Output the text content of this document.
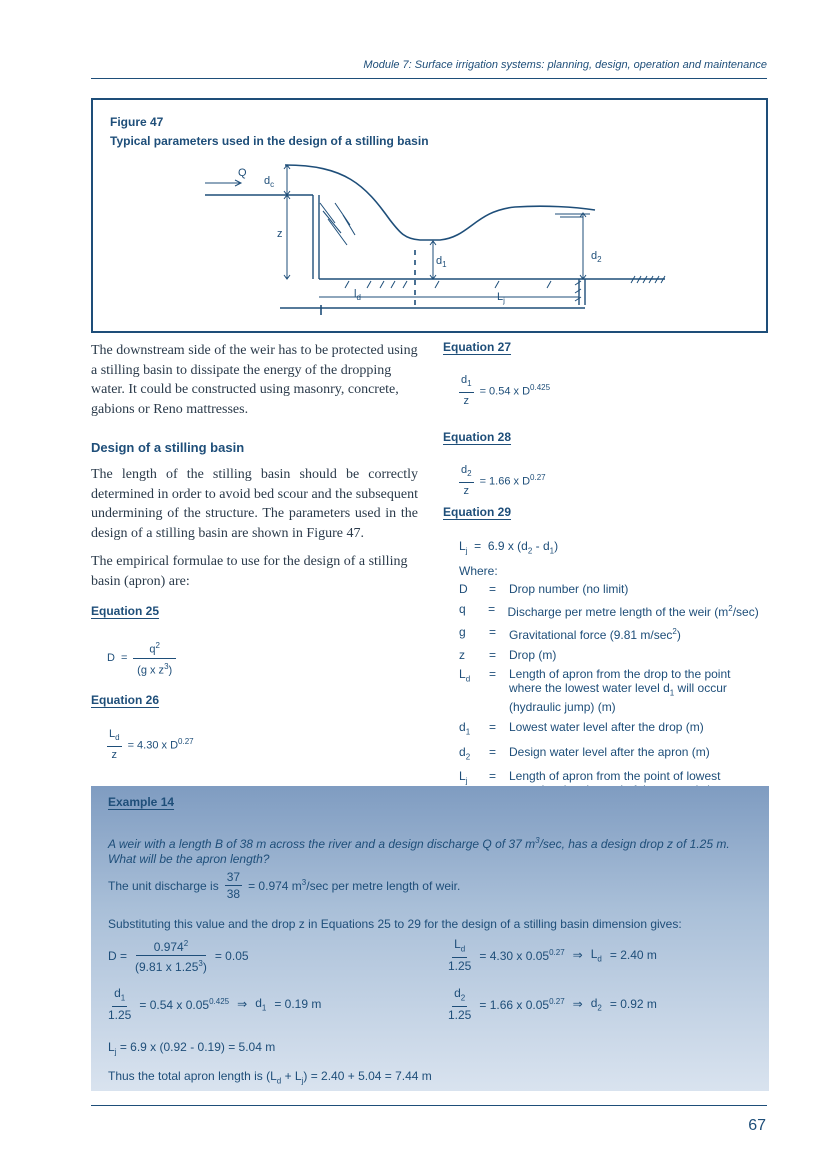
Module 7: Surface irrigation systems: planning, design, operation and maintenance
Figure 47
Typical parameters used in the design of a stilling basin
Q
$d_c$
z
$d_1$
$d_2$
$l_d$	$L_j$
The downstream side of the weir has to be protected using a stilling basin to dissipate the energy of the dropping water. It could be constructed using masonry, concrete, gabions or Reno mattresses.
Design of a stilling basin
The length of the stilling basin should be correctly determined in order to avoid bed scour and the subsequent undermining of the structure. The parameters used in the design of a stilling basin are shown in Figure 47.
The empirical formulae to use for the design of a stilling basin (apron) are:
Equation 25
$D = \frac{q^2}{(g x z^3)}$
Equation 26
$\frac{L_d}{z} = 4.30$ x $D^{0.27}$
Equation 27
$\frac{d_1}{z} = 0.54$ x $D^{0.425}$
Equation 28
$\frac{d_2}{z} = 1.66$ x $D^{0.27}$
Equation 29
$L_j = 6.9$ x $(d_2 - d_1)$
Where:
D	=	Drop number (no limit)
q	=	Discharge per metre length of the weir $(m^2/\sec)$
g	=	Gravitational force (9.81 $m/\sec^2$)
z	=	Drop (m)
$L_d$	=	Length of apron from the drop to the point where the lowest water level $d_1$ will occur (hydraulic jump) (m)
$d_1$	=	Lowest water level after the drop (m)
$d_2$	=	Design water level after the apron (m)
$L_j$	=	Length of apron from the point of lowest
Example 14
A weir with a length B of 38 m across the river and a design discharge Q of 37 $m^3/\sec$, has a design drop z of 1.25 m. What will be the apron length?
The unit discharge is $\frac{37}{38} = 0.974$ $m^3/\sec$ per metre length of weir.
Substituting this value and the drop z in Equations 25 to 29 for the design of a stilling basin dimension gives:
$D = \frac{0.974^2}{(9.81 x 1.25^3)} = 0.05$	$\frac{L_d}{1.25} = 4.30$ x $0.05^{0.27}$ ⇒ $L_d = 2.40$ m
$\frac{d_1}{1.25} = 0.54$ x $0.05^{0.425}$ ⇒ $d_1 = 0.19$ m	$\frac{d_2}{1.25} = 1.66$ x $0.05^{0.27}$ ⇒ $d_2 = 0.92$ m
$L_j = 6.9$ x (0.92 - 0.19) = 5.04 m
Thus the total apron length is $(L_d + L_j) = 2.40 + 5.04 = 7.44$ m
67
